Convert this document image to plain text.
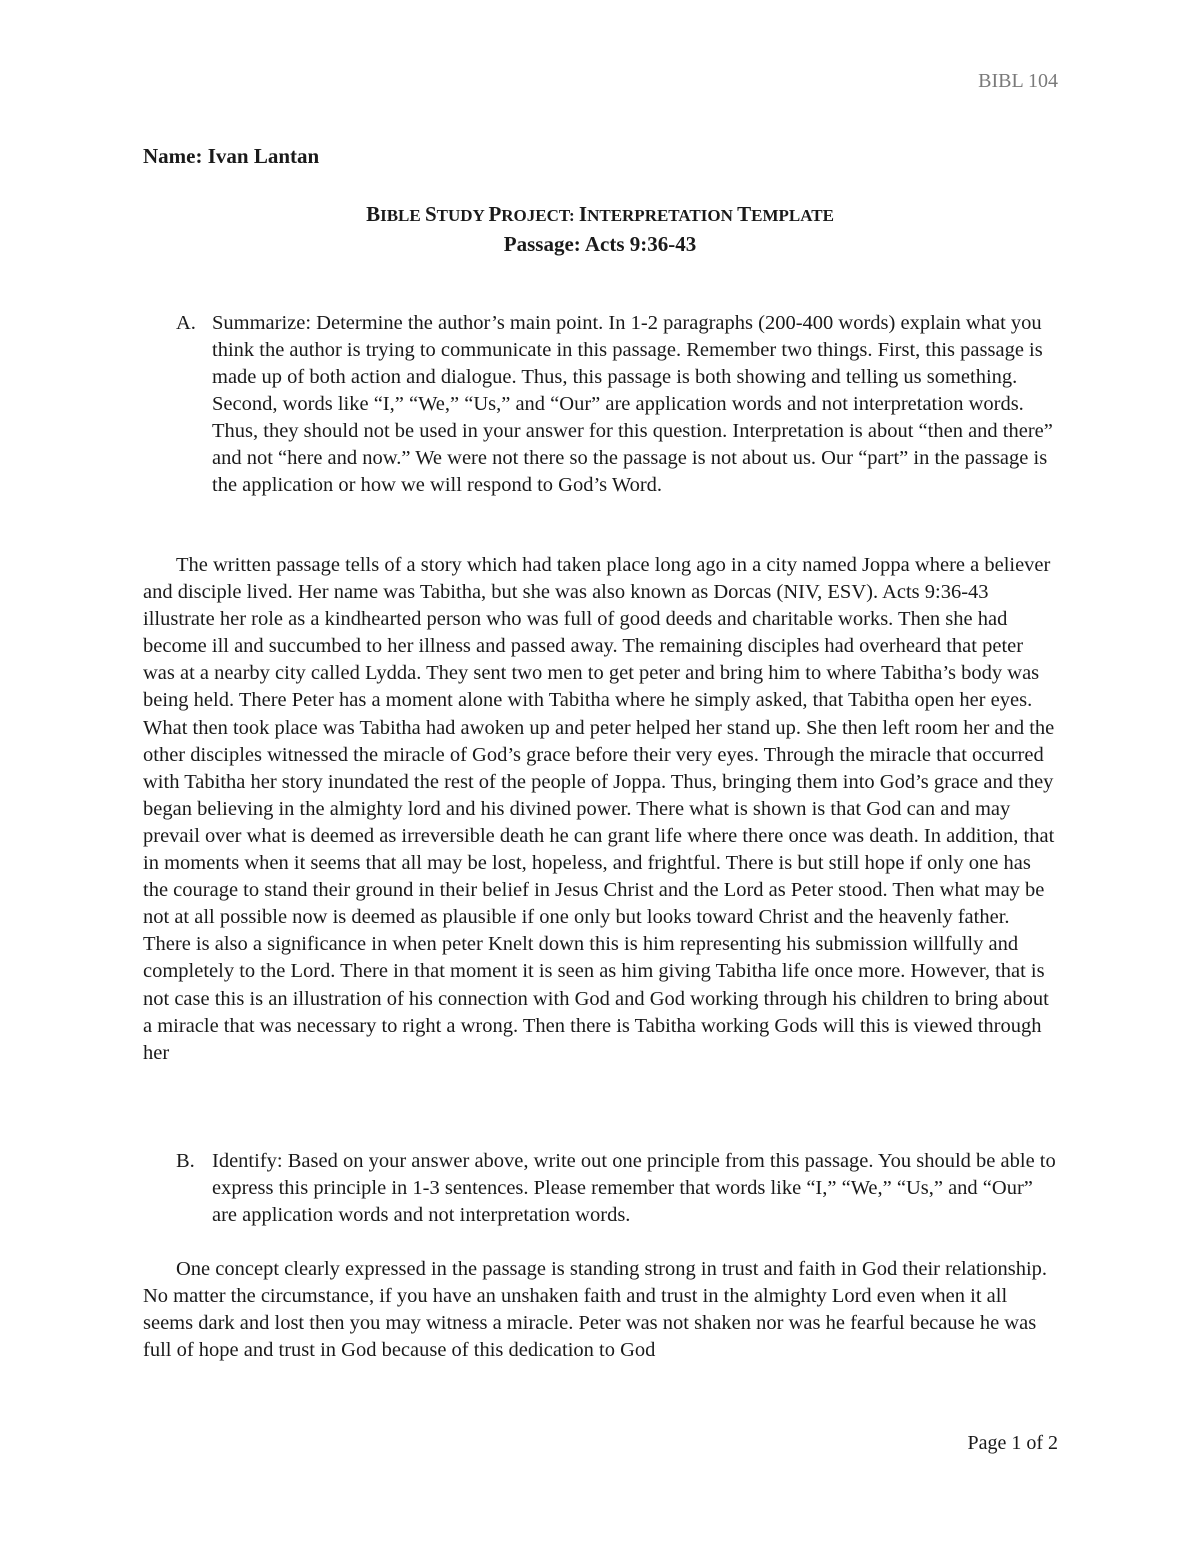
BIBL 104
Name: Ivan Lantan
BIBLE STUDY PROJECT: INTERPRETATION TEMPLATE
Passage: Acts 9:36-43
A. Summarize: Determine the author’s main point. In 1-2 paragraphs (200-400 words) explain what you think the author is trying to communicate in this passage. Remember two things. First, this passage is made up of both action and dialogue. Thus, this passage is both showing and telling us something. Second, words like “I,” “We,” “Us,” and “Our” are application words and not interpretation words. Thus, they should not be used in your answer for this question. Interpretation is about “then and there” and not “here and now.” We were not there so the passage is not about us. Our “part” in the passage is the application or how we will respond to God’s Word.

The written passage tells of a story which had taken place long ago in a city named Joppa where a believer and disciple lived. Her name was Tabitha, but she was also known as Dorcas (NIV, ESV). Acts 9:36-43 illustrate her role as a kindhearted person who was full of good deeds and charitable works. Then she had become ill and succumbed to her illness and passed away. The remaining disciples had overheard that peter was at a nearby city called Lydda. They sent two men to get peter and bring him to where Tabitha’s body was being held. There Peter has a moment alone with Tabitha where he simply asked, that Tabitha open her eyes. What then took place was Tabitha had awoken up and peter helped her stand up. She then left room her and the other disciples witnessed the miracle of God’s grace before their very eyes. Through the miracle that occurred with Tabitha her story inundated the rest of the people of Joppa. Thus, bringing them into God’s grace and they began believing in the almighty lord and his divined power. There what is shown is that God can and may prevail over what is deemed as irreversible death he can grant life where there once was death. In addition, that in moments when it seems that all may be lost, hopeless, and frightful. There is but still hope if only one has the courage to stand their ground in their belief in Jesus Christ and the Lord as Peter stood. Then what may be not at all possible now is deemed as plausible if one only but looks toward Christ and the heavenly father. There is also a significance in when peter Knelt down this is him representing his submission willfully and completely to the Lord. There in that moment it is seen as him giving Tabitha life once more. However, that is not case this is an illustration of his connection with God and God working through his children to bring about a miracle that was necessary to right a wrong. Then there is Tabitha working Gods will this is viewed through her

B. Identify: Based on your answer above, write out one principle from this passage. You should be able to express this principle in 1-3 sentences. Please remember that words like “I,” “We,” “Us,” and “Our” are application words and not interpretation words.

One concept clearly expressed in the passage is standing strong in trust and faith in God their relationship. No matter the circumstance, if you have an unshaken faith and trust in the almighty Lord even when it all seems dark and lost then you may witness a miracle. Peter was not shaken nor was he fearful because he was full of hope and trust in God because of this dedication to God

Page 1 of 2
